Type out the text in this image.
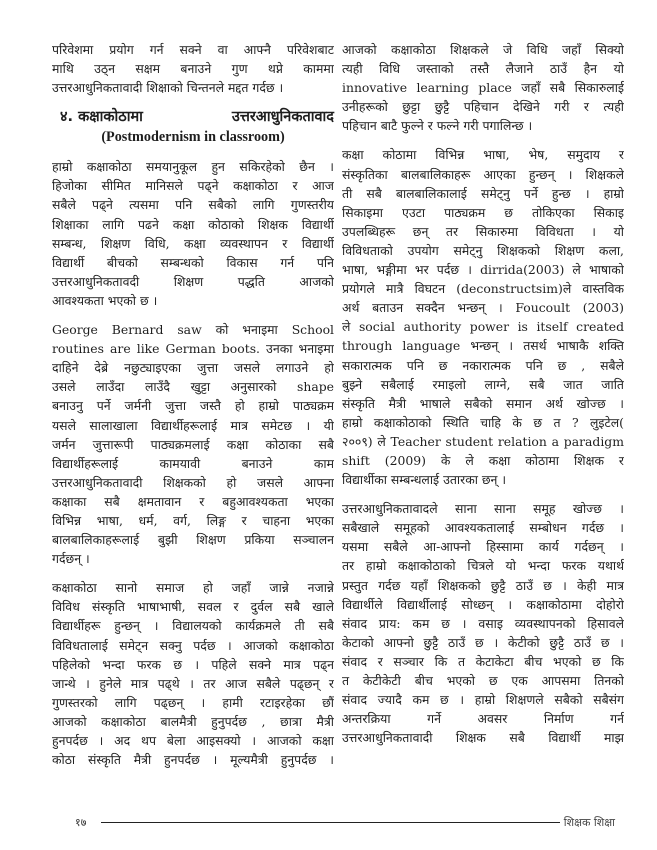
परिवेशमा प्रयोग गर्न सक्ने वा आफ्नै परिवेशबाट
माथि उठ्न सक्षम बनाउने गुण थप्ने काममा
उत्तरआधुनिकतावादी शिक्षाको चिन्तनले मद्दत गर्दछ ।
४. कक्षाकोठामा	उत्तरआधुनिकतावाद
(Postmodernism in classroom)
हाम्रो कक्षाकोठा समयानुकूल हुन सकिरहेको छैन ।
हिजोका सीमित मानिसले पढ्ने कक्षाकोठा र आज
सबैले पढ्ने त्यसमा पनि सबैको लागि गुणस्तरीय
शिक्षाका लागि पढने कक्षा कोठाको शिक्षक विद्यार्थी
सम्बन्ध, शिक्षण विधि, कक्षा व्यवस्थापन र विद्यार्थी
विद्यार्थी बीचको सम्बन्धको विकास गर्न पनि
उत्तरआधुनिकतावदी शिक्षण पद्धति आजको
आवश्यकता भएको छ ।
George Bernard saw को भनाइमा School
routines are like German boots. उनका भनाइमा
दाहिने देब्रे नछुट्याइएका जुत्ता जसले लगाउने हो
उसले लाउँदा लाउँदै खुट्टा अनुसारको shape
बनाउनु पर्ने जर्मनी जुत्ता जस्तै हो हाम्रो पाठ्यक्रम
यसले सालाखाला विद्यार्थीहरूलाई मात्र समेटछ । यी
जर्मन जुत्तारूपी पाठ्यक्रमलाई कक्षा कोठाका सबै
विद्यार्थीहरूलाई कामयावी बनाउने काम
उत्तरआधुनिकतावादी शिक्षकको हो जसले आफ्ना
कक्षाका सबै क्षमतावान र बहुआवश्यकता भएका
विभिन्न भाषा, धर्म, वर्ग, लिङ्ग र चाहना भएका
बालबालिकाहरूलाई बुझी शिक्षण प्रकिया सञ्चालन
गर्दछन् ।
कक्षाकोठा सानो समाज हो जहाँ जान्ने नजान्ने
विविध संस्कृति भाषाभाषी, सवल र दुर्वल सबै खाले
विद्यार्थीहरू हुन्छन् । विद्यालयको कार्यक्रमले ती सबै
विविधतालाई समेट्न सक्नु पर्दछ । आजको कक्षाकोठा
पहिलेको भन्दा फरक छ । पहिले सक्ने मात्र पढ्न
जान्थे । हुनेले मात्र पढ्थे । तर आज सबैले पढ्छन् र
गुणस्तरको लागि पढ्छन् । हामी रटाइरहेका छौं
आजको कक्षाकोठा बालमैत्री हुनुपर्दछ , छात्रा मैत्री
हुनपर्दछ । अद थप बेला आइसक्यो । आजको कक्षा
कोठा संस्कृति मैत्री हुनपर्दछ । मूल्यमैत्री हुनुपर्दछ ।
आजको कक्षाकोठा शिक्षकले जे विधि जहाँ सिक्यो
त्यही विधि जस्ताको तस्तै लैजाने ठाउँ हैन यो
innovative learning place जहाँ सबै सिकारुलाई
उनीहरूको छुट्टा छुट्टै पहिचान देखिने गरी र त्यही
पहिचान बाटै फुल्ने र फल्ने गरी पगालिन्छ ।
कक्षा कोठामा विभिन्न भाषा, भेष, समुदाय र
संस्कृतिका बालबालिकाहरू आएका हुन्छन् । शिक्षकले
ती सबै बालबालिकालाई समेट्नु पर्ने हुन्छ । हाम्रो
सिकाइमा एउटा पाठ्यक्रम छ तोकिएका सिकाइ
उपलब्धिहरू छन् तर सिकारुमा विविधता । यो
विविधताको उपयोग समेट्नु शिक्षकको शिक्षण कला,
भाषा, भङ्गीमा भर पर्दछ । dirrida(2003) ले भाषाको
प्रयोगले मात्रै विघटन (deconstructsim)ले वास्तविक
अर्थ बताउन सक्दैन भन्छन् । Foucoult (2003)
ले social authority power is itself created
through language भन्छन् । तसर्थ भाषाकै शक्ति
सकारात्मक पनि छ नकारात्मक पनि छ , सबैले
बुझ्ने सबैलाई रमाइलो लाग्ने, सबै जात जाति
संस्कृति मैत्री भाषाले सबैको समान अर्थ खोज्छ ।
हाम्रो कक्षाकोठाको स्थिति चाहि के छ त ? लुइटेल(
२००९) ले Teacher student relation a paradigm
shift (2009) के ले कक्षा कोठामा शिक्षक र
विद्यार्थीका सम्बन्धलाई उतारका छन् ।
उत्तरआधुनिकतावादले साना साना समूह खोज्छ ।
सबैखाले समूहको आवश्यकतालाई सम्बोधन गर्दछ ।
यसमा सबैले आ-आफ्नो हिस्सामा कार्य गर्दछन् ।
तर हाम्रो कक्षाकोठाको चित्रले यो भन्दा फरक यथार्थ
प्रस्तुत गर्दछ यहाँ शिक्षकको छुट्टै ठाउँ छ । केही मात्र
विद्यार्थीले विद्यार्थीलाई सोध्छन् । कक्षाकोठामा दोहोरो
संवाद प्राय: कम छ । वसाइ व्यवस्थापनको हिसावले
केटाको आफ्नो छुट्टै ठाउँ छ । केटीको छुट्टै ठाउँ छ ।
संवाद र सञ्चार कि त केटाकेटा बीच भएको छ कि
त केटीकेटी बीच भएको छ एक आपसमा तिनको
संवाद ज्यादै कम छ । हाम्रो शिक्षणले सबैको सबैसंग
अन्तरक्रिया गर्ने अवसर निर्माण गर्न
उत्तरआधुनिकतावादी शिक्षक सबै विद्यार्थी माझ
१७	शिक्षक शिक्षा
